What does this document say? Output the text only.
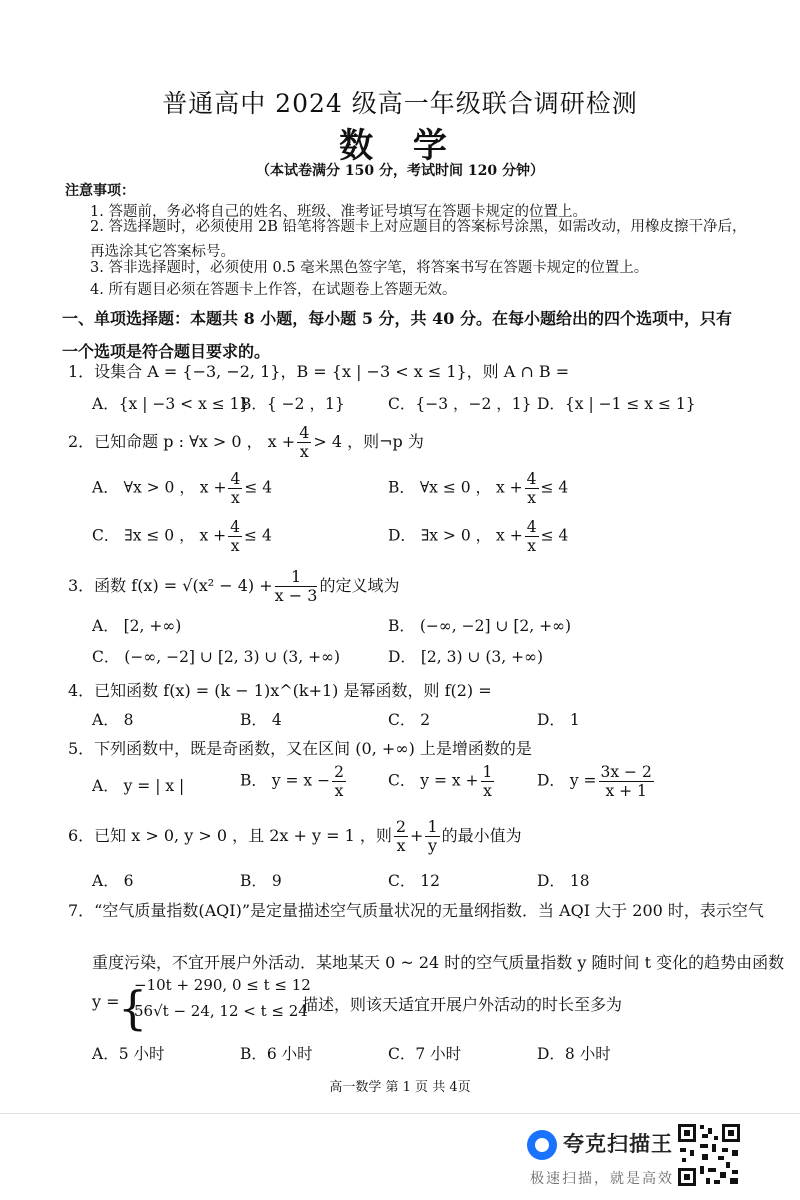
普通高中 2024 级高一年级联合调研检测
数 学
（本试卷满分 150 分，考试时间 120 分钟）
注意事项：
1. 答题前，务必将自己的姓名、班级、准考证号填写在答题卡规定的位置上。
2. 答选择题时，必须使用 2B 铅笔将答题卡上对应题目的答案标号涂黑，如需改动，用橡皮擦干净后，再选涂其它答案标号。
3. 答非选择题时，必须使用 0.5 毫米黑色签字笔，将答案书写在答题卡规定的位置上。
4. 所有题目必须在答题卡上作答，在试题卷上答题无效。
一、单项选择题：本题共 8 小题，每小题 5 分，共 40 分。在每小题给出的四个选项中，只有一个选项是符合题目要求的。
1．设集合 A = {−3, −2, 1}，B = {x | −3 < x ≤ 1}，则 A ∩ B =
A．{x | −3 < x ≤ 1}
B．{ −2 ，1}	C．{−3 ，−2 ，1} D．{x | −1 ≤ x ≤ 1}
2．已知命题 p : ∀x > 0 ， $x + \frac{4}{x} > 4$ ，则¬p 为
A． ∀x > 0 ， $x + \frac{4}{x} \le 4$	B． ∀x ≤ 0 ， $x + \frac{4}{x} \le 4$
C． ∃x ≤ 0 ， $x + \frac{4}{x} \le 4$	D． ∃x > 0 ， $x + \frac{4}{x} \le 4$
3．函数 $f(x) = √(x^2 - 4) + \frac{1}{x - 3}$ 的定义域为
A． [2, +∞)	B． (−∞, −2] ∪ [2, +∞)
C． (−∞, −2] ∪ [2, 3) ∪ (3, +∞)	D． [2, 3) ∪ (3, +∞)
4．已知函数 f(x) = (k − 1)x^(k+1) 是幂函数，则 f(2) =
A． 8	B． 4	C． 2	D． 1
5．下列函数中，既是奇函数，又在区间 (0, +∞) 上是增函数的是
A． y = | x |	B． $y = x - \frac{2}{x}$	C． $y = x + \frac{1}{x}$	D． $y = \frac{3x - 2}{x + 1}$
6．已知 x > 0, y > 0 ，且 2x + y = 1 ，则 $\frac{2}{x} + \frac{1}{y}$ 的最小值为
A． 6	B． 9	C． 12	D． 18
7．“空气质量指数(AQI)”是定量描述空气质量状况的无量纲指数．当 AQI 大于 200 时，表示空气
重度污染，不宜开展户外活动．某地某天 0 ~ 24 时的空气质量指数 y 随时间 t 变化的趋势由函数
y =
{
−10t + 290, 0 ≤ t ≤ 12
56√t − 24, 12 < t ≤ 24
描述，则该天适宜开展户外活动的时长至多为
A．5 小时	B．6 小时	C．7 小时	D．8 小时
高一数学 第 1 页 共 4页
夸克扫描王
极速扫描，就是高效
